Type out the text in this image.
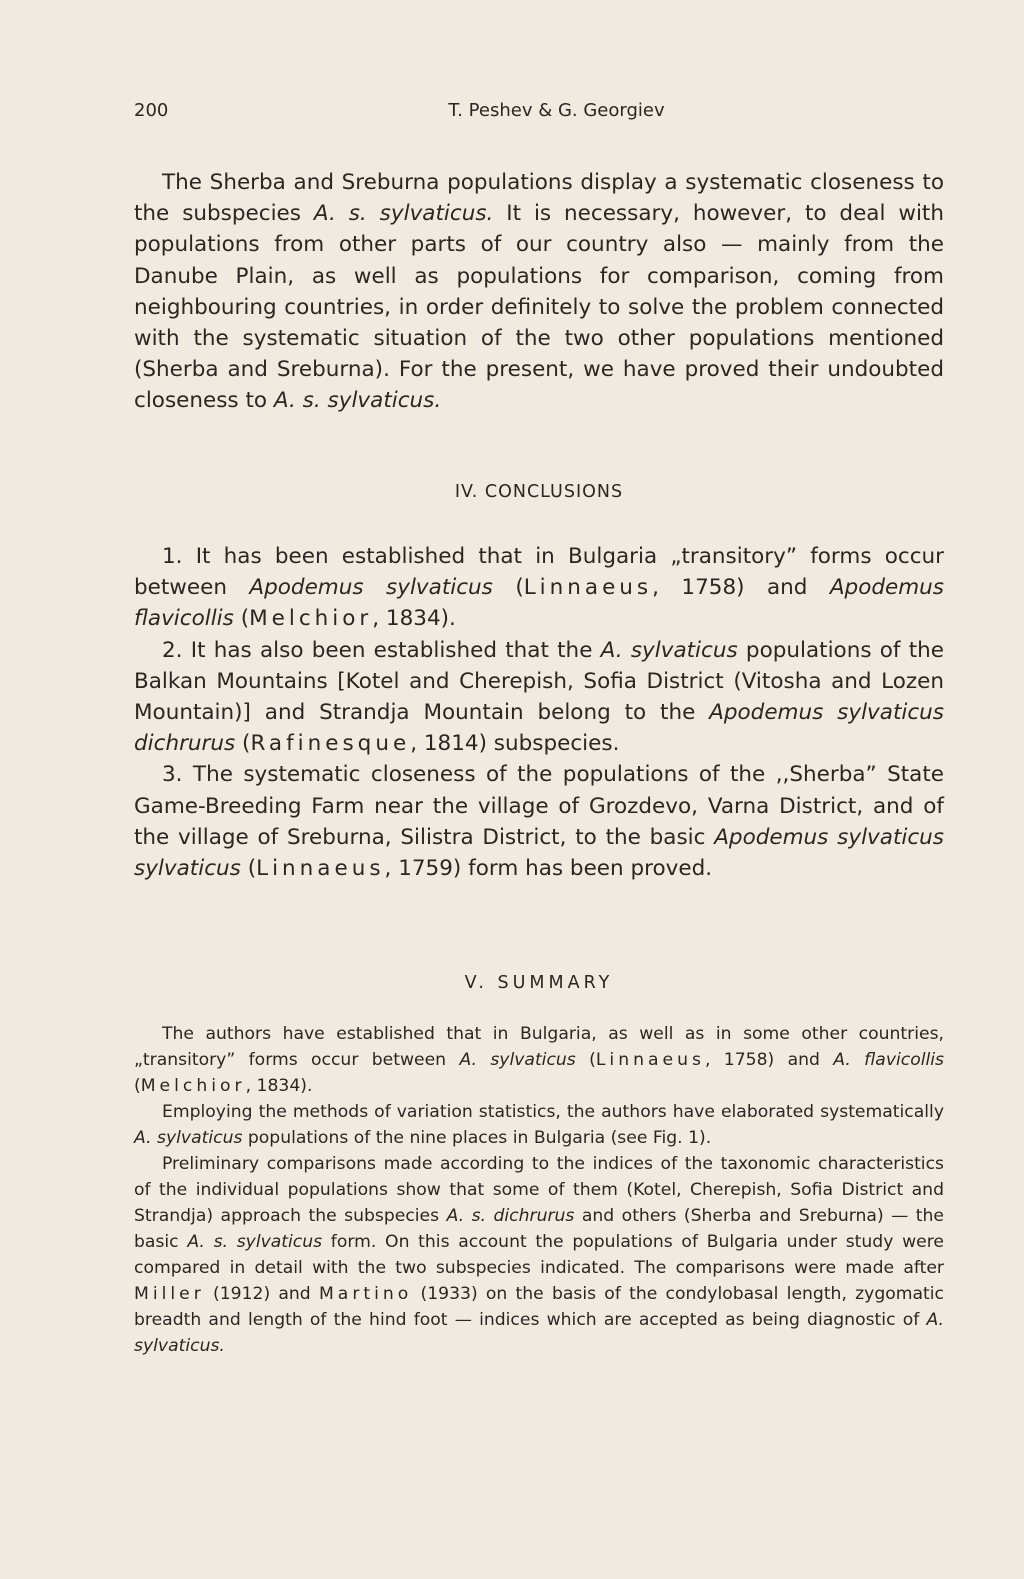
200	T. Peshev & G. Georgiev

The Sherba and Sreburna populations display a systematic closeness to the subspecies A. s. sylvaticus. It is necessary, however, to deal with populations from other parts of our country also — mainly from the Danube Plain, as well as populations for comparison, coming from neighbouring countries, in order definitely to solve the problem connected with the systematic situation of the two other populations mentioned (Sherba and Sreburna). For the present, we have proved their undoubted closeness to A. s. sylvaticus.

IV. CONCLUSIONS

1. It has been established that in Bulgaria „transitory” forms occur between Apodemus sylvaticus (Linnaeus, 1758) and Apodemus flavicollis (Melchior, 1834).

2. It has also been established that the A. sylvaticus populations of the Balkan Mountains [Kotel and Cherepish, Sofia District (Vitosha and Lozen Mountain)] and Strandja Mountain belong to the Apodemus sylvaticus dichrurus (Rafinesque, 1814) subspecies.

3. The systematic closeness of the populations of the ,,Sherba” State Game-Breeding Farm near the village of Grozdevo, Varna District, and of the village of Sreburna, Silistra District, to the basic Apodemus sylvaticus sylvaticus (Linnaeus, 1759) form has been proved.

V. SUMMARY

The authors have established that in Bulgaria, as well as in some other countries, „transitory” forms occur between A. sylvaticus (Linnaeus, 1758) and A. flavicollis (Melchior, 1834).

Employing the methods of variation statistics, the authors have elaborated systematically A. sylvaticus populations of the nine places in Bulgaria (see Fig. 1).

Preliminary comparisons made according to the indices of the taxonomic characteristics of the individual populations show that some of them (Kotel, Cherepish, Sofia District and Strandja) approach the subspecies A. s. dichrurus and others (Sherba and Sreburna) — the basic A. s. sylvaticus form. On this account the populations of Bulgaria under study were compared in detail with the two subspecies indicated. The comparisons were made after Miller (1912) and Martino (1933) on the basis of the condylobasal length, zygomatic breadth and length of the hind foot — indices which are accepted as being diagnostic of A. sylvaticus.
